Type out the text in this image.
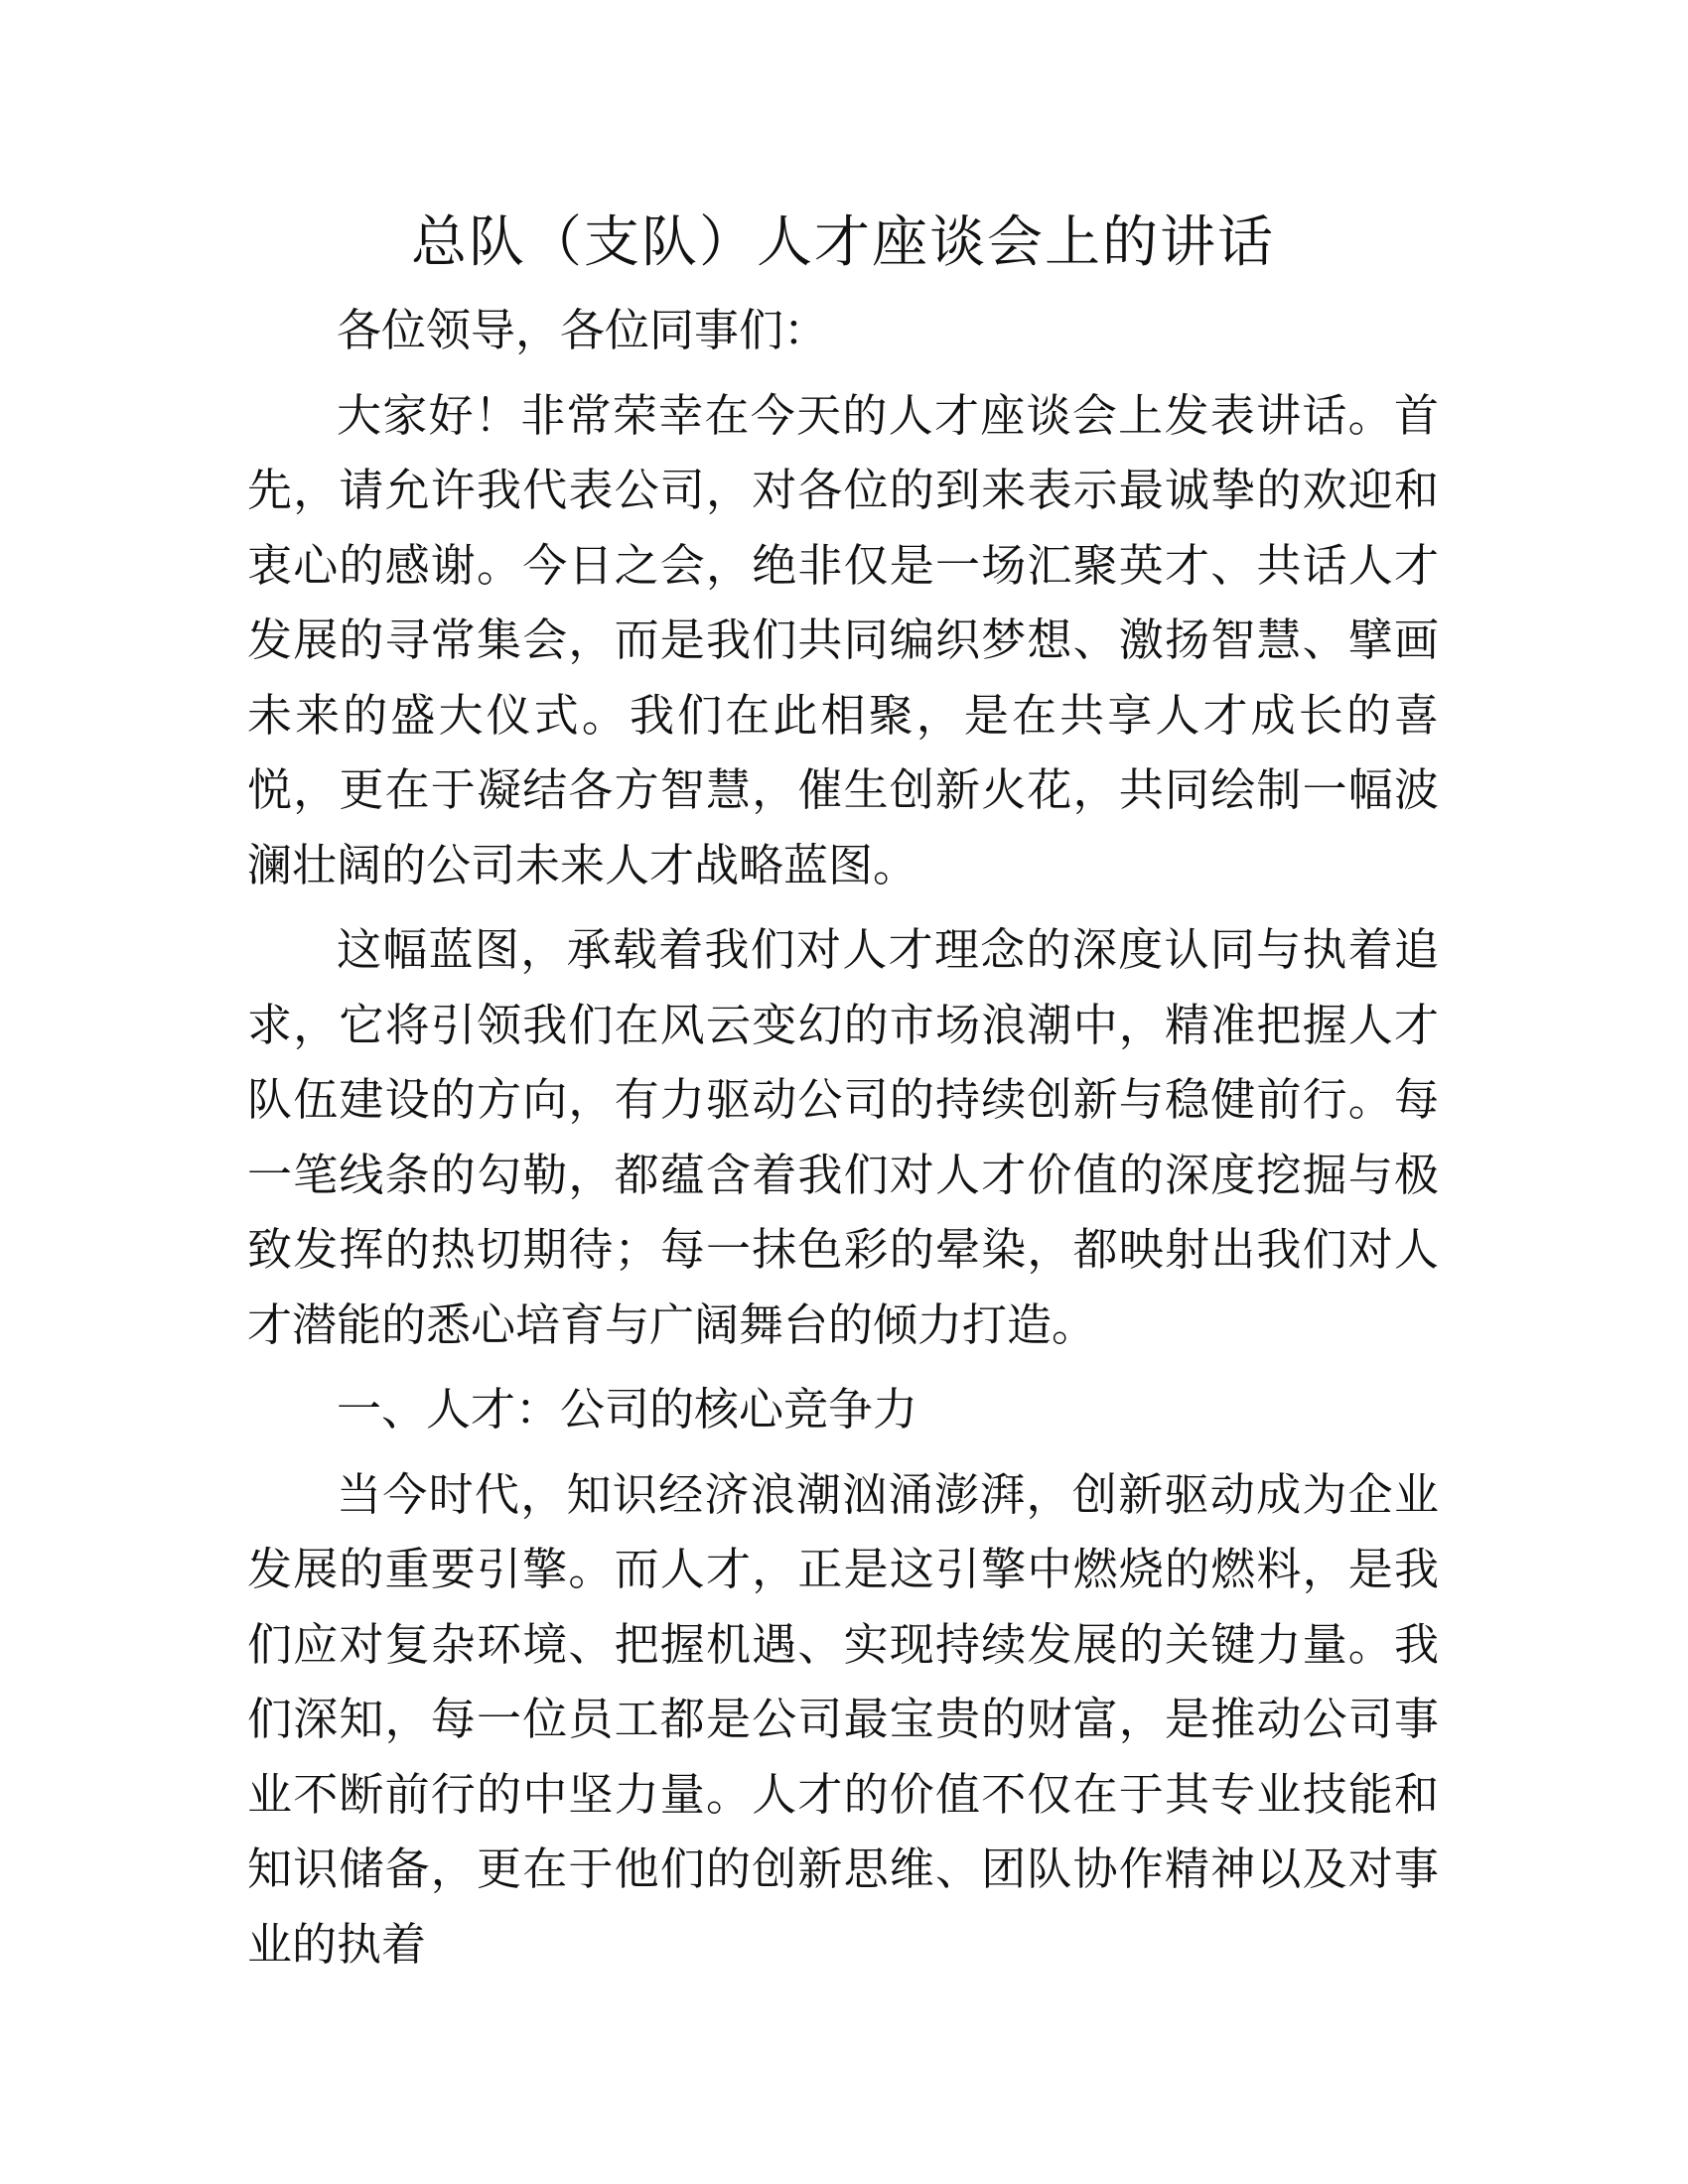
总队（支队）人才座谈会上的讲话

各位领导，各位同事们：

大家好！非常荣幸在今天的人才座谈会上发表讲话。首先，请允许我代表公司，对各位的到来表示最诚挚的欢迎和衷心的感谢。今日之会，绝非仅是一场汇聚英才、共话人才发展的寻常集会，而是我们共同编织梦想、激扬智慧、擘画未来的盛大仪式。我们在此相聚，是在共享人才成长的喜悦，更在于凝结各方智慧，催生创新火花，共同绘制一幅波澜壮阔的公司未来人才战略蓝图。

这幅蓝图，承载着我们对人才理念的深度认同与执着追求，它将引领我们在风云变幻的市场浪潮中，精准把握人才队伍建设的方向，有力驱动公司的持续创新与稳健前行。每一笔线条的勾勒，都蕴含着我们对人才价值的深度挖掘与极致发挥的热切期待；每一抹色彩的晕染，都映射出我们对人才潜能的悉心培育与广阔舞台的倾力打造。

一、人才：公司的核心竞争力

当今时代，知识经济浪潮汹涌澎湃，创新驱动成为企业发展的重要引擎。而人才，正是这引擎中燃烧的燃料，是我们应对复杂环境、把握机遇、实现持续发展的关键力量。我们深知，每一位员工都是公司最宝贵的财富，是推动公司事业不断前行的中坚力量。人才的价值不仅在于其专业技能和知识储备，更在于他们的创新思维、团队协作精神以及对事业的执着
